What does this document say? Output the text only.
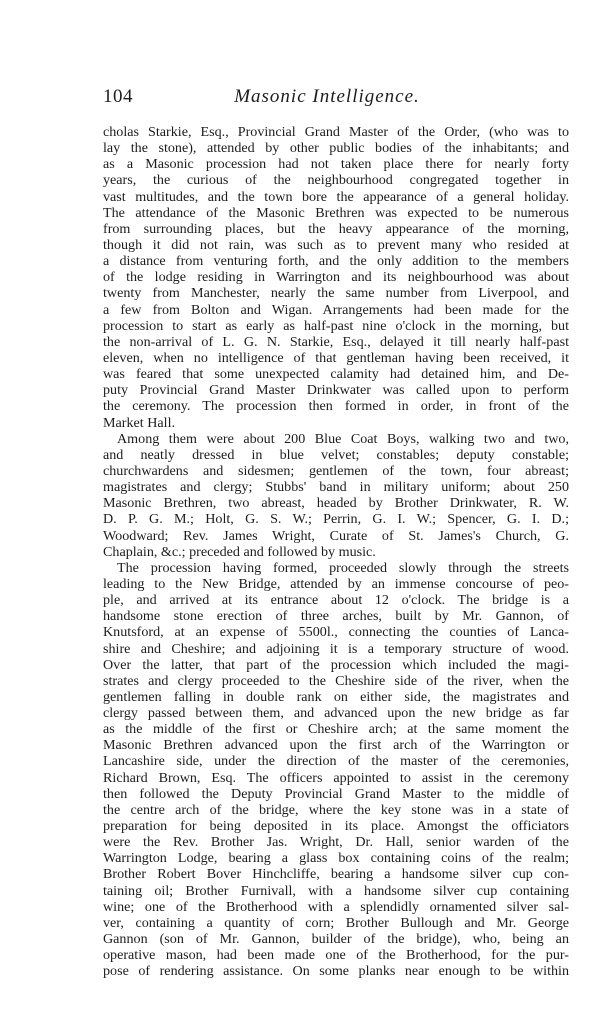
104	Masonic Intelligence.
cholas Starkie, Esq., Provincial Grand Master of the Order, (who was to
lay the stone), attended by other public bodies of the inhabitants; and
as a Masonic procession had not taken place there for nearly forty
years, the curious of the neighbourhood congregated together in
vast multitudes, and the town bore the appearance of a general holiday.
The attendance of the Masonic Brethren was expected to be numerous
from surrounding places, but the heavy appearance of the morning,
though it did not rain, was such as to prevent many who resided at
a distance from venturing forth, and the only addition to the members
of the lodge residing in Warrington and its neighbourhood was about
twenty from Manchester, nearly the same number from Liverpool, and
a few from Bolton and Wigan. Arrangements had been made for the
procession to start as early as half-past nine o'clock in the morning, but
the non-arrival of L. G. N. Starkie, Esq., delayed it till nearly half-past
eleven, when no intelligence of that gentleman having been received, it
was feared that some unexpected calamity had detained him, and De-
puty Provincial Grand Master Drinkwater was called upon to perform
the ceremony. The procession then formed in order, in front of the
Market Hall.
Among them were about 200 Blue Coat Boys, walking two and two,
and neatly dressed in blue velvet; constables; deputy constable;
churchwardens and sidesmen; gentlemen of the town, four abreast;
magistrates and clergy; Stubbs' band in military uniform; about 250
Masonic Brethren, two abreast, headed by Brother Drinkwater, R. W.
D. P. G. M.; Holt, G. S. W.; Perrin, G. I. W.; Spencer, G. I. D.;
Woodward; Rev. James Wright, Curate of St. James's Church, G.
Chaplain, &c.; preceded and followed by music.
The procession having formed, proceeded slowly through the streets
leading to the New Bridge, attended by an immense concourse of peo-
ple, and arrived at its entrance about 12 o'clock. The bridge is a
handsome stone erection of three arches, built by Mr. Gannon, of
Knutsford, at an expense of 5500l., connecting the counties of Lanca-
shire and Cheshire; and adjoining it is a temporary structure of wood.
Over the latter, that part of the procession which included the magi-
strates and clergy proceeded to the Cheshire side of the river, when the
gentlemen falling in double rank on either side, the magistrates and
clergy passed between them, and advanced upon the new bridge as far
as the middle of the first or Cheshire arch; at the same moment the
Masonic Brethren advanced upon the first arch of the Warrington or
Lancashire side, under the direction of the master of the ceremonies,
Richard Brown, Esq. The officers appointed to assist in the ceremony
then followed the Deputy Provincial Grand Master to the middle of
the centre arch of the bridge, where the key stone was in a state of
preparation for being deposited in its place. Amongst the officiators
were the Rev. Brother Jas. Wright, Dr. Hall, senior warden of the
Warrington Lodge, bearing a glass box containing coins of the realm;
Brother Robert Bover Hinchcliffe, bearing a handsome silver cup con-
taining oil; Brother Furnivall, with a handsome silver cup containing
wine; one of the Brotherhood with a splendidly ornamented silver sal-
ver, containing a quantity of corn; Brother Bullough and Mr. George
Gannon (son of Mr. Gannon, builder of the bridge), who, being an
operative mason, had been made one of the Brotherhood, for the pur-
pose of rendering assistance. On some planks near enough to be within
